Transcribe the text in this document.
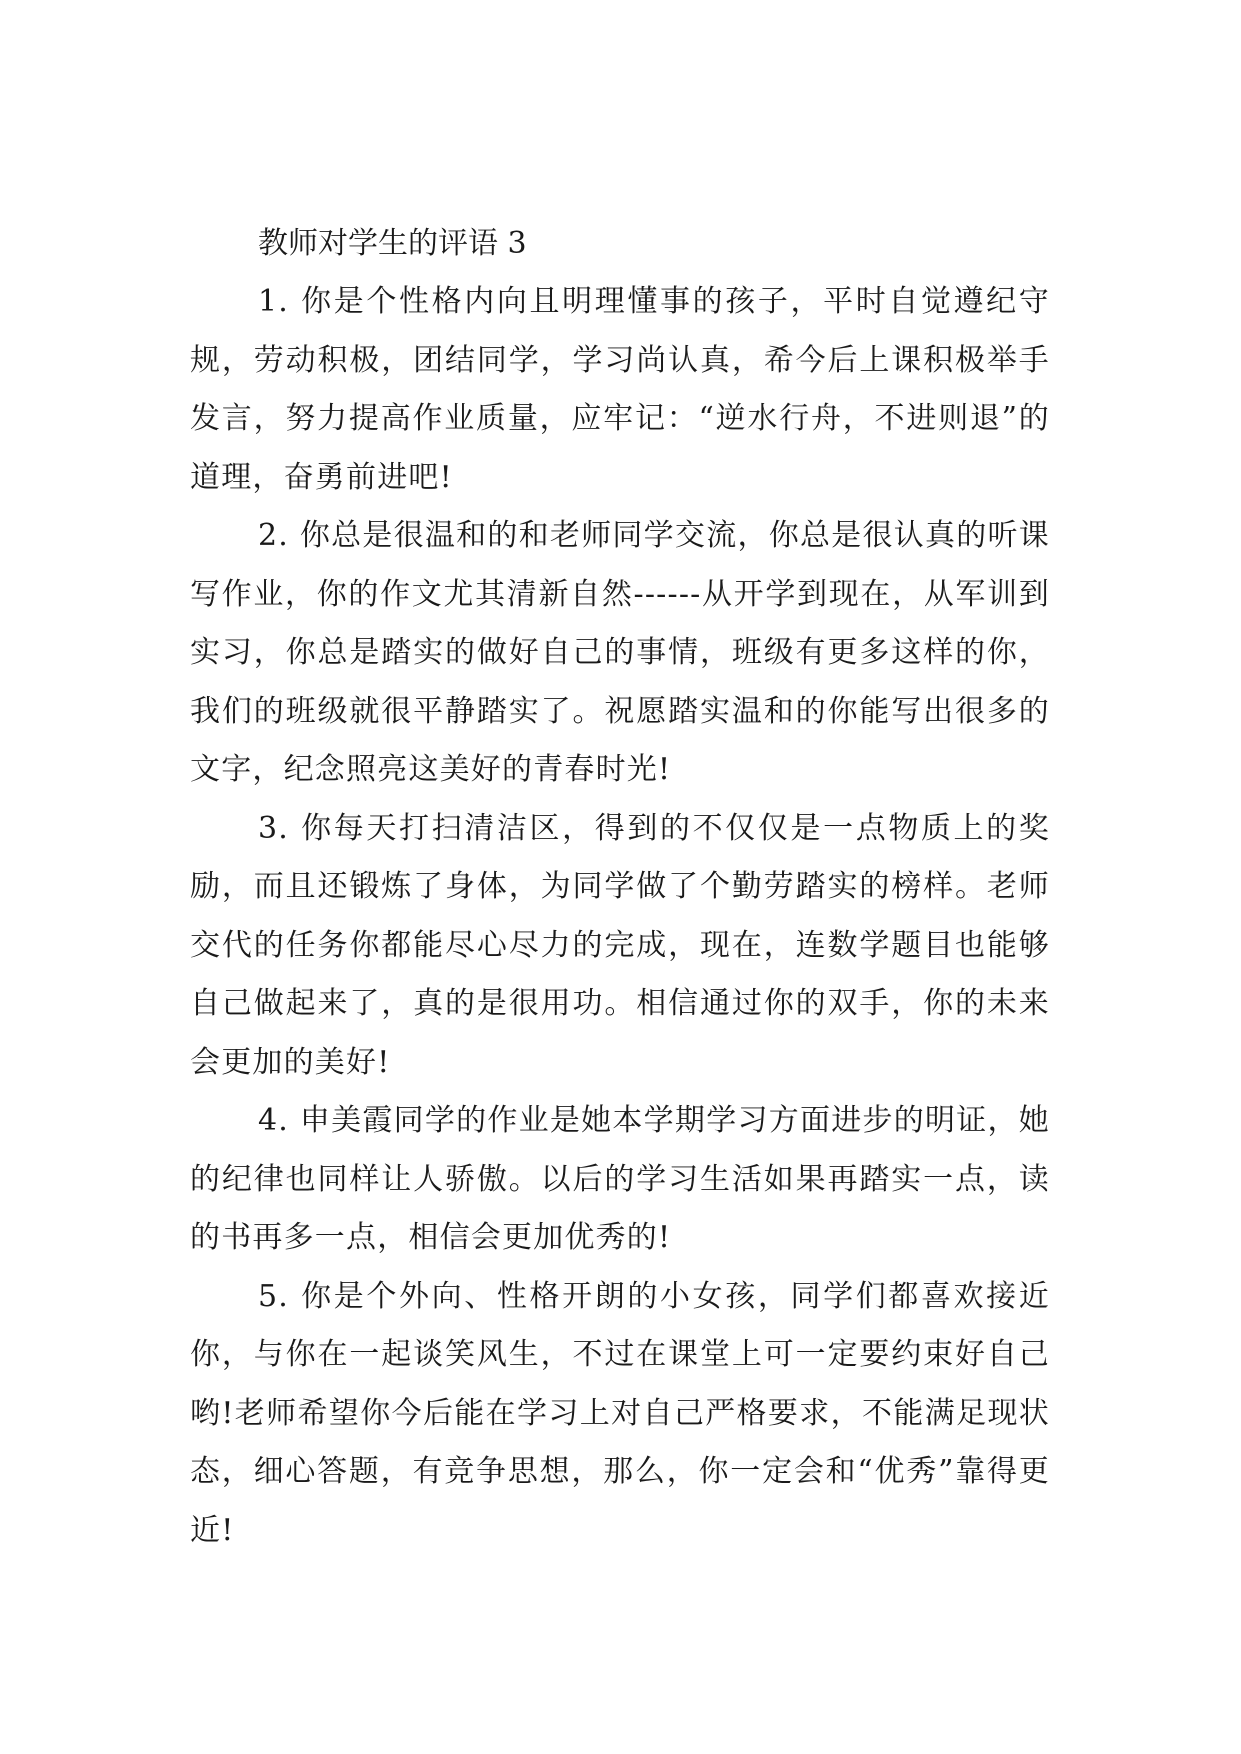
教师对学生的评语 3

1. 你是个性格内向且明理懂事的孩子，平时自觉遵纪守规，劳动积极，团结同学，学习尚认真，希今后上课积极举手发言，努力提高作业质量，应牢记：“逆水行舟，不进则退”的道理，奋勇前进吧!

2. 你总是很温和的和老师同学交流，你总是很认真的听课写作业，你的作文尤其清新自然------从开学到现在，从军训到实习，你总是踏实的做好自己的事情，班级有更多这样的你，我们的班级就很平静踏实了。祝愿踏实温和的你能写出很多的文字，纪念照亮这美好的青春时光!

3. 你每天打扫清洁区，得到的不仅仅是一点物质上的奖励，而且还锻炼了身体，为同学做了个勤劳踏实的榜样。老师交代的任务你都能尽心尽力的完成，现在，连数学题目也能够自己做起来了，真的是很用功。相信通过你的双手，你的未来会更加的美好!

4. 申美霞同学的作业是她本学期学习方面进步的明证，她的纪律也同样让人骄傲。以后的学习生活如果再踏实一点，读的书再多一点，相信会更加优秀的!

5. 你是个外向、性格开朗的小女孩，同学们都喜欢接近你，与你在一起谈笑风生，不过在课堂上可一定要约束好自己哟!老师希望你今后能在学习上对自己严格要求，不能满足现状态，细心答题，有竞争思想，那么，你一定会和“优秀”靠得更近!
